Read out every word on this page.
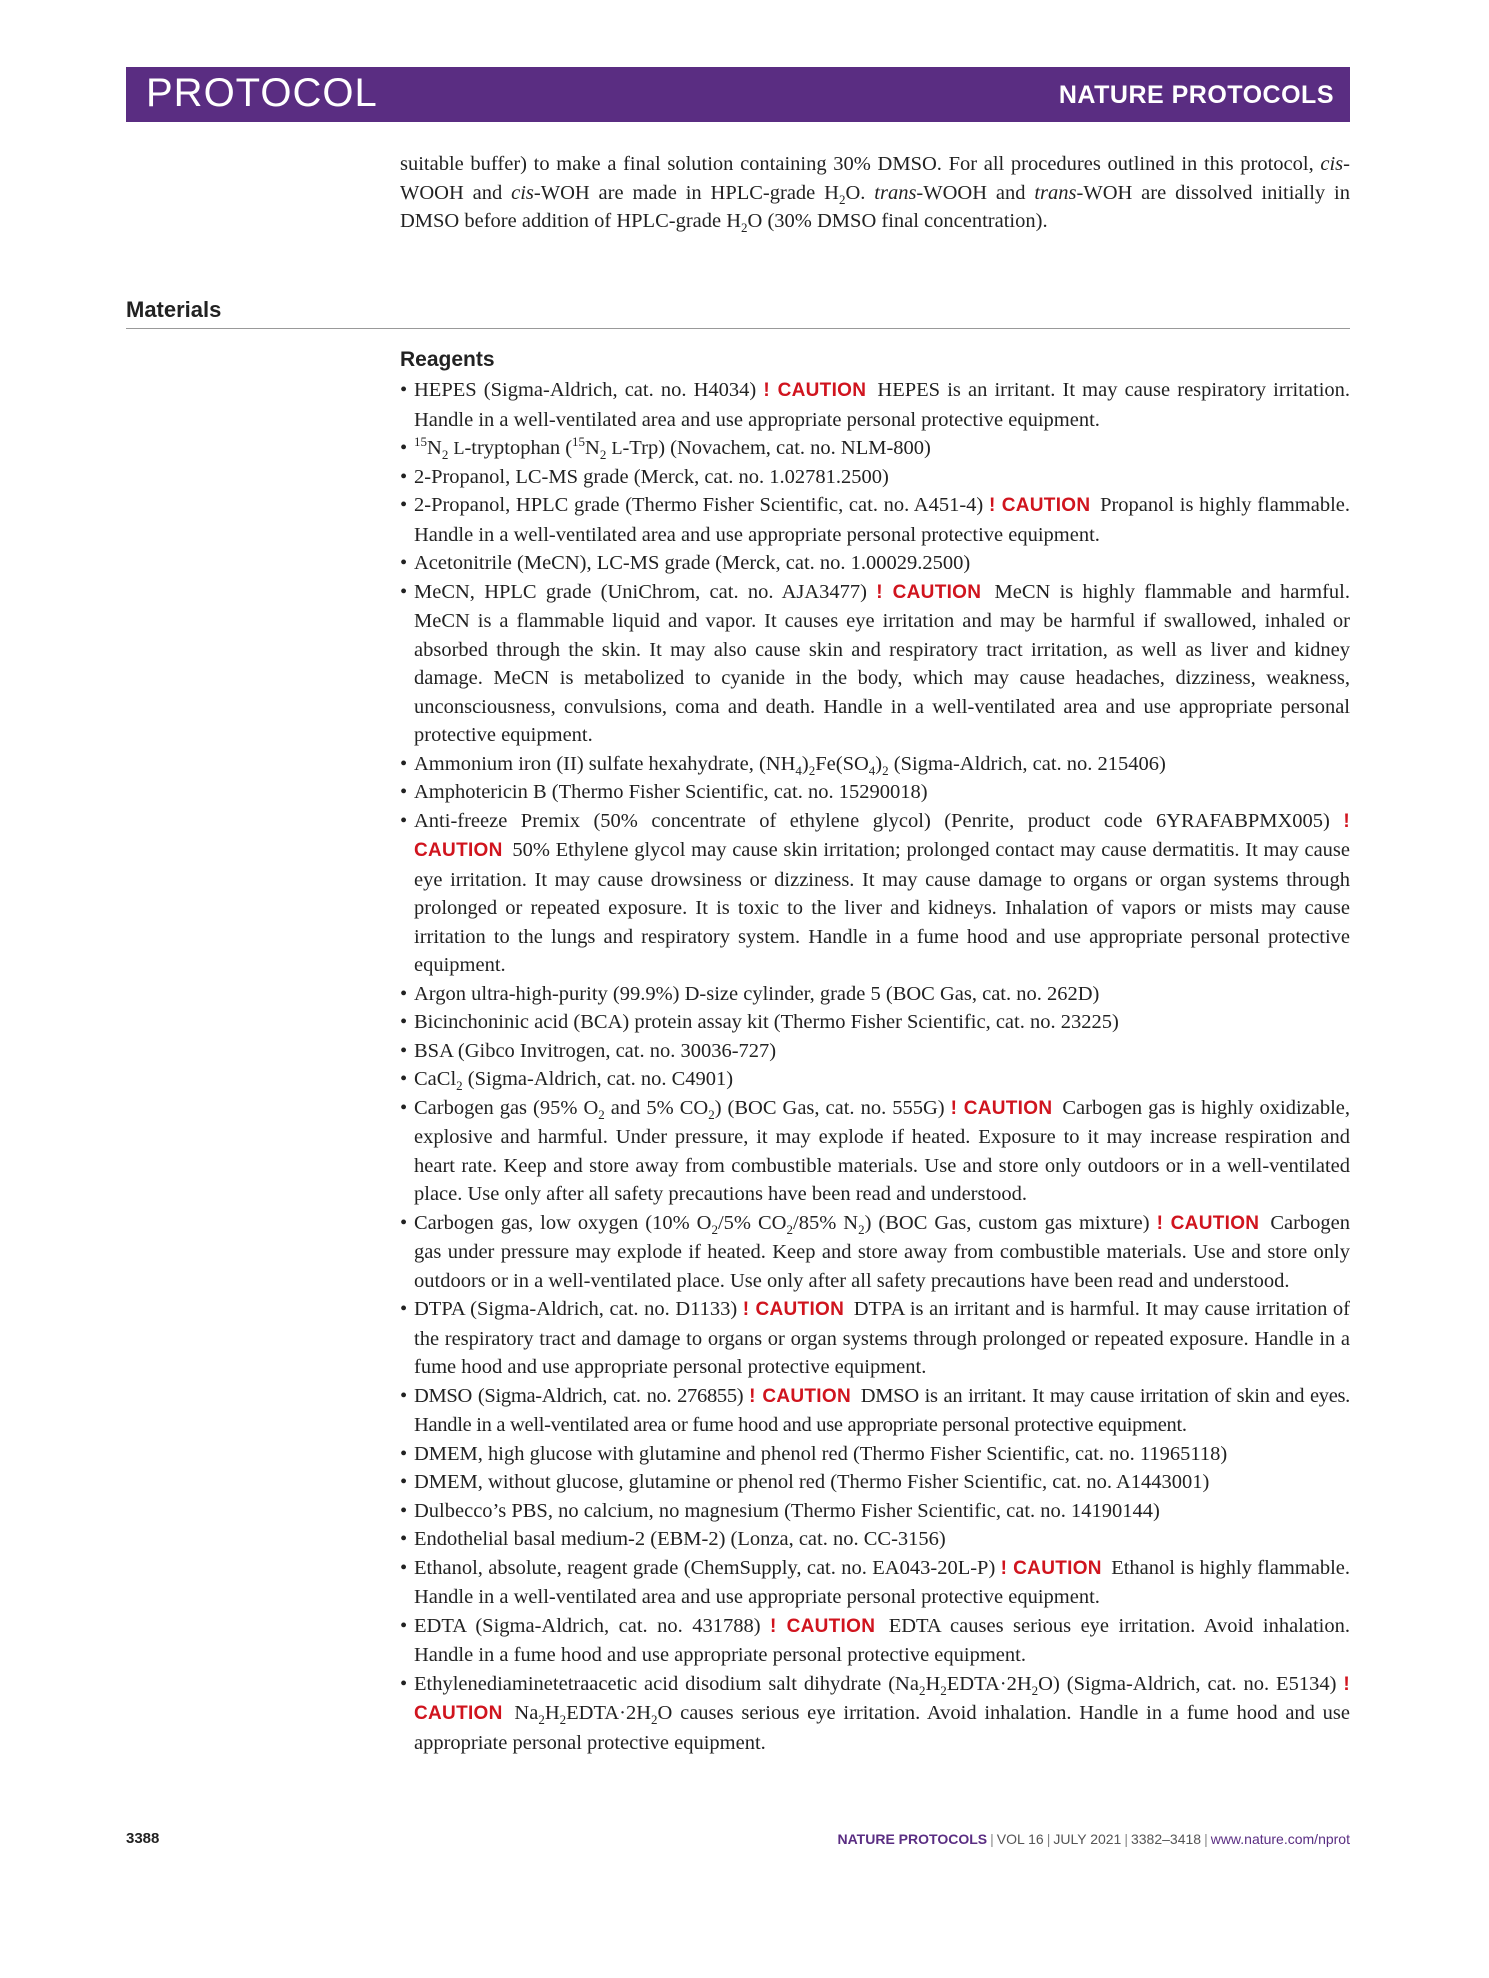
PROTOCOL	NATURE PROTOCOLS
suitable buffer) to make a final solution containing 30% DMSO. For all procedures outlined in this protocol, cis-WOOH and cis-WOH are made in HPLC-grade $H_2O$. trans-WOOH and trans-WOH are dissolved initially in DMSO before addition of HPLC-grade $H_2O$ (30% DMSO final concentration).
Materials
Reagents
• HEPES (Sigma-Aldrich, cat. no. H4034) ! CAUTION HEPES is an irritant. It may cause respiratory irritation. Handle in a well-ventilated area and use appropriate personal protective equipment.
• $^{15}N_2$ L-tryptophan ($^{15}N_2$ L-Trp) (Novachem, cat. no. NLM-800)
• 2-Propanol, LC-MS grade (Merck, cat. no. 1.02781.2500)
• 2-Propanol, HPLC grade (Thermo Fisher Scientific, cat. no. A451-4) ! CAUTION Propanol is highly flammable. Handle in a well-ventilated area and use appropriate personal protective equipment.
• Acetonitrile (MeCN), LC-MS grade (Merck, cat. no. 1.00029.2500)
• MeCN, HPLC grade (UniChrom, cat. no. AJA3477) ! CAUTION MeCN is highly flammable and harmful. MeCN is a flammable liquid and vapor. It causes eye irritation and may be harmful if swallowed, inhaled or absorbed through the skin. It may also cause skin and respiratory tract irritation, as well as liver and kidney damage. MeCN is metabolized to cyanide in the body, which may cause headaches, dizziness, weakness, unconsciousness, convulsions, coma and death. Handle in a well-ventilated area and use appropriate personal protective equipment.
• Ammonium iron (II) sulfate hexahydrate, $(NH_4)_2Fe(SO_4)_2$ (Sigma-Aldrich, cat. no. 215406)
• Amphotericin B (Thermo Fisher Scientific, cat. no. 15290018)
• Anti-freeze Premix (50% concentrate of ethylene glycol) (Penrite, product code 6YRAFABPMX005) ! CAUTION 50% Ethylene glycol may cause skin irritation; prolonged contact may cause dermatitis. It may cause eye irritation. It may cause drowsiness or dizziness. It may cause damage to organs or organ systems through prolonged or repeated exposure. It is toxic to the liver and kidneys. Inhalation of vapors or mists may cause irritation to the lungs and respiratory system. Handle in a fume hood and use appropriate personal protective equipment.
• Argon ultra-high-purity (99.9%) D-size cylinder, grade 5 (BOC Gas, cat. no. 262D)
• Bicinchoninic acid (BCA) protein assay kit (Thermo Fisher Scientific, cat. no. 23225)
• BSA (Gibco Invitrogen, cat. no. 30036-727)
• CaCl$_2$ (Sigma-Aldrich, cat. no. C4901)
• Carbogen gas (95% $O_2$ and 5% $CO_2$) (BOC Gas, cat. no. 555G) ! CAUTION Carbogen gas is highly oxidizable, explosive and harmful. Under pressure, it may explode if heated. Exposure to it may increase respiration and heart rate. Keep and store away from combustible materials. Use and store only outdoors or in a well-ventilated place. Use only after all safety precautions have been read and understood.
• Carbogen gas, low oxygen (10% $O_2/5\%$ $CO_2/85\%$ $N_2$) (BOC Gas, custom gas mixture) ! CAUTION Carbogen gas under pressure may explode if heated. Keep and store away from combustible materials. Use and store only outdoors or in a well-ventilated place. Use only after all safety precautions have been read and understood.
• DTPA (Sigma-Aldrich, cat. no. D1133) ! CAUTION DTPA is an irritant and is harmful. It may cause irritation of the respiratory tract and damage to organs or organ systems through prolonged or repeated exposure. Handle in a fume hood and use appropriate personal protective equipment.
• DMSO (Sigma-Aldrich, cat. no. 276855) ! CAUTION DMSO is an irritant. It may cause irritation of skin and eyes. Handle in a well-ventilated area or fume hood and use appropriate personal protective equipment.
• DMEM, high glucose with glutamine and phenol red (Thermo Fisher Scientific, cat. no. 11965118)
• DMEM, without glucose, glutamine or phenol red (Thermo Fisher Scientific, cat. no. A1443001)
• Dulbecco’s PBS, no calcium, no magnesium (Thermo Fisher Scientific, cat. no. 14190144)
• Endothelial basal medium-2 (EBM-2) (Lonza, cat. no. CC-3156)
• Ethanol, absolute, reagent grade (ChemSupply, cat. no. EA043-20L-P) ! CAUTION Ethanol is highly flammable. Handle in a well-ventilated area and use appropriate personal protective equipment.
• EDTA (Sigma-Aldrich, cat. no. 431788) ! CAUTION EDTA causes serious eye irritation. Avoid inhalation. Handle in a fume hood and use appropriate personal protective equipment.
• Ethylenediaminetetraacetic acid disodium salt dihydrate $(Na_2H_2EDTA\cdot 2H_2O)$ (Sigma-Aldrich, cat. no. E5134) ! CAUTION $Na_2H_2EDTA\cdot 2H_2O$ causes serious eye irritation. Avoid inhalation. Handle in a fume hood and use appropriate personal protective equipment.
3388	NATURE PROTOCOLS | VOL 16 | JULY 2021 | 3382–3418 | www.nature.com/nprot
